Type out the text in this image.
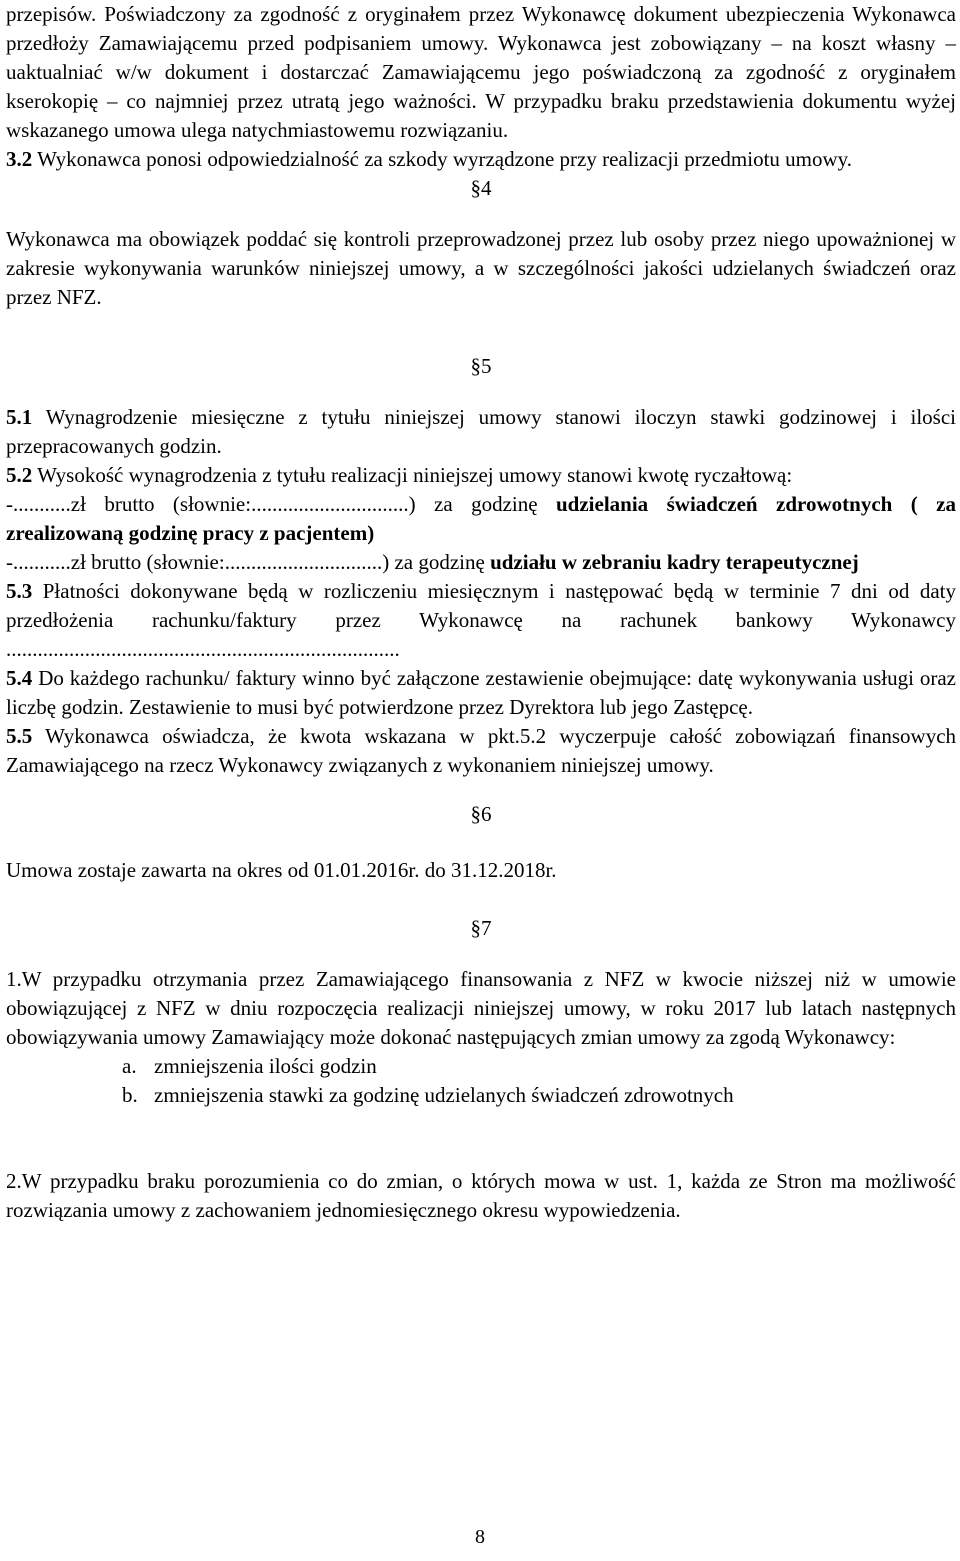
przepisów. Poświadczony za zgodność z oryginałem przez Wykonawcę dokument ubezpieczenia Wykonawca przedłoży Zamawiającemu przed podpisaniem umowy. Wykonawca jest zobowiązany – na koszt własny – uaktualniać w/w dokument i dostarczać Zamawiającemu jego poświadczoną za zgodność z oryginałem kserokopię – co najmniej przez utratą jego ważności. W przypadku braku przedstawienia dokumentu wyżej wskazanego umowa ulega natychmiastowemu rozwiązaniu.

3.2 Wykonawca ponosi odpowiedzialność za szkody wyrządzone przy realizacji przedmiotu umowy.

§4

Wykonawca ma obowiązek poddać się kontroli przeprowadzonej przez lub osoby przez niego upoważnionej w zakresie wykonywania warunków niniejszej umowy, a w szczególności jakości udzielanych świadczeń oraz przez NFZ.

§5

5.1 Wynagrodzenie miesięczne z tytułu niniejszej umowy stanowi iloczyn stawki godzinowej i ilości przepracowanych godzin.

5.2 Wysokość wynagrodzenia z tytułu realizacji niniejszej umowy stanowi kwotę ryczałtową:

-...........zł brutto (słownie:..............................) za godzinę udzielania świadczeń zdrowotnych ( za zrealizowaną godzinę pracy z pacjentem)

-...........zł brutto (słownie:..............................) za godzinę udziału w zebraniu kadry terapeutycznej

5.3 Płatności dokonywane będą w rozliczeniu miesięcznym i następować będą w terminie 7 dni od daty przedłożenia rachunku/faktury przez Wykonawcę na rachunek bankowy Wykonawcy ...........................................................................

5.4 Do każdego rachunku/ faktury winno być załączone zestawienie obejmujące: datę wykonywania usługi oraz liczbę godzin. Zestawienie to musi być potwierdzone przez Dyrektora lub jego Zastępcę.

5.5 Wykonawca oświadcza, że kwota wskazana w pkt.5.2 wyczerpuje całość zobowiązań finansowych Zamawiającego na rzecz Wykonawcy związanych z wykonaniem niniejszej umowy.

§6

Umowa zostaje zawarta na okres od 01.01.2016r. do 31.12.2018r.

§7

1.W przypadku otrzymania przez Zamawiającego finansowania z NFZ w kwocie niższej niż w umowie obowiązującej z NFZ w dniu rozpoczęcia realizacji niniejszej umowy, w roku 2017 lub latach następnych obowiązywania umowy Zamawiający może dokonać następujących zmian umowy za zgodą Wykonawcy:

a. zmniejszenia ilości godzin
b. zmniejszenia stawki za godzinę udzielanych świadczeń zdrowotnych

2.W przypadku braku porozumienia co do zmian, o których mowa w ust. 1, każda ze Stron ma możliwość rozwiązania umowy z zachowaniem jednomiesięcznego okresu wypowiedzenia.

8
